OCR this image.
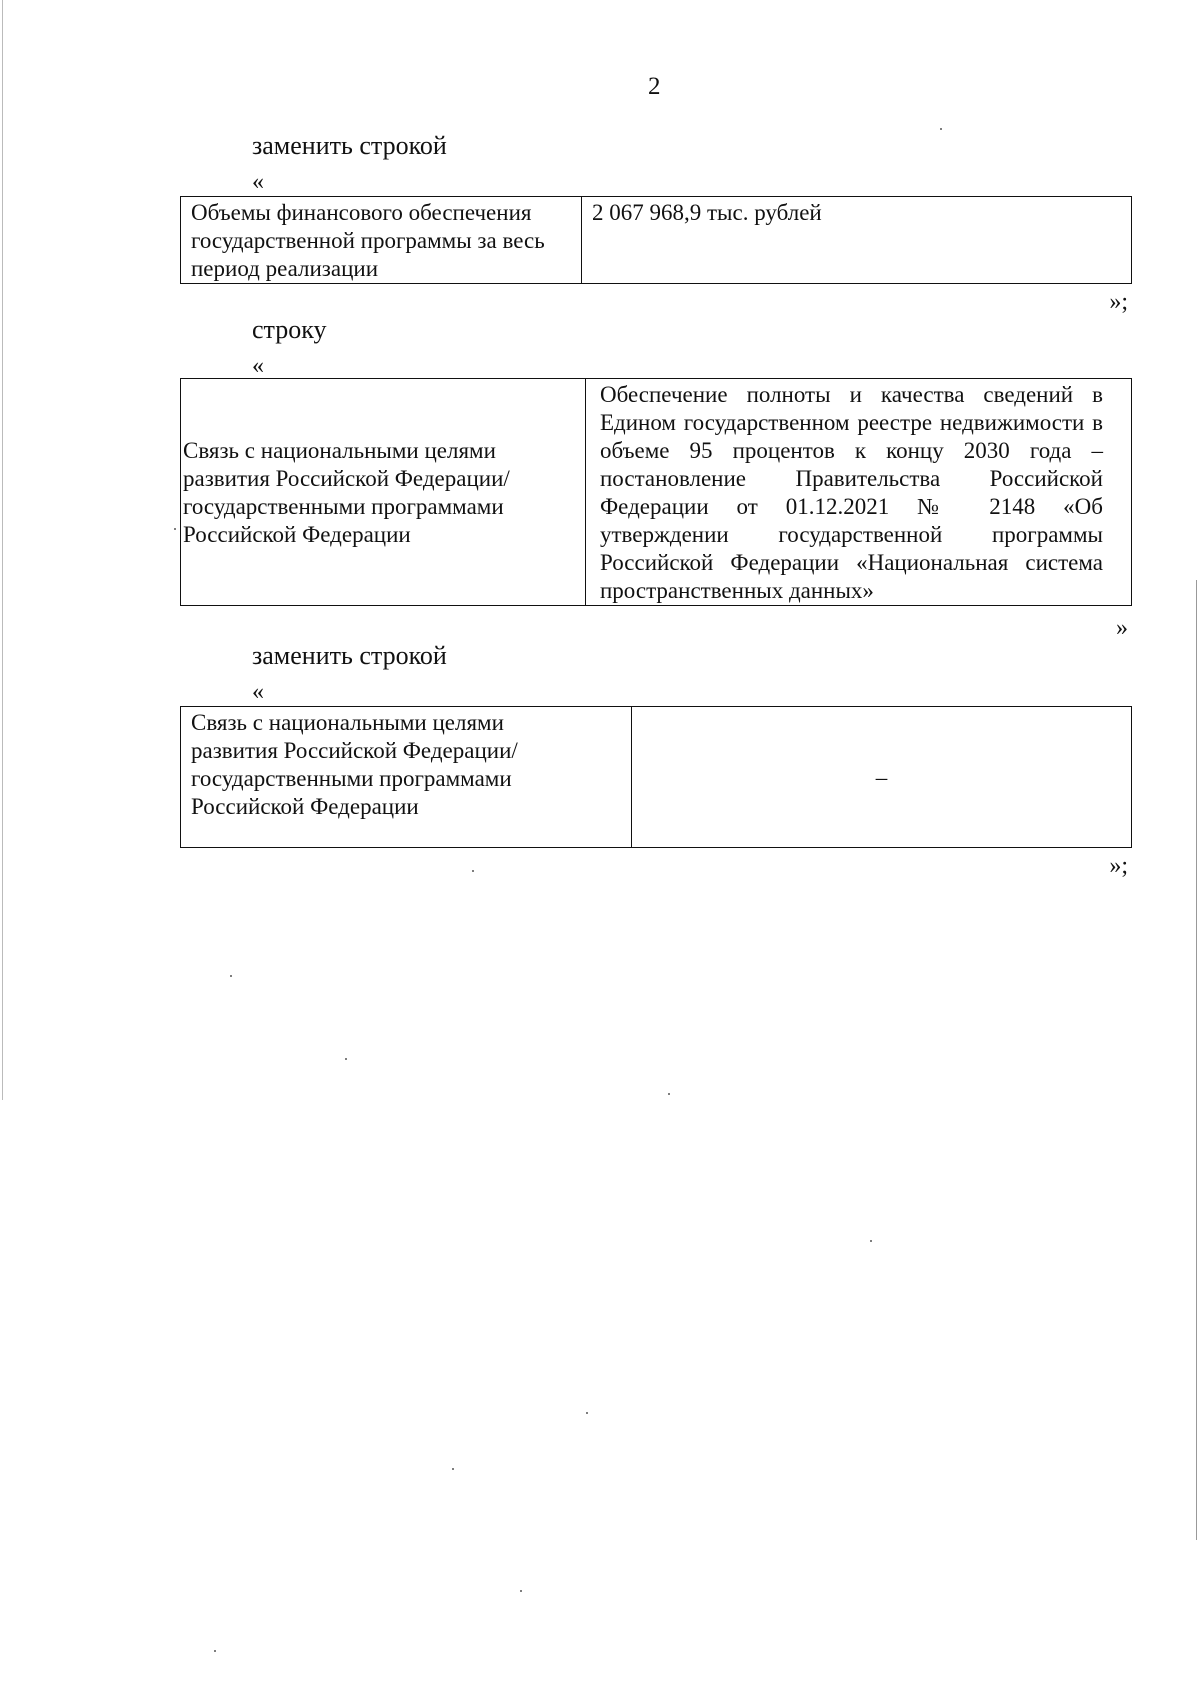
2
заменить строкой
«
Объемы финансового обеспечения государственной программы за весь период реализации	2 067 968,9 тыс. рублей
»;
строку
«
Связь с национальными целями развития Российской Федерации/ государственными программами Российской Федерации	Обеспечение полноты и качества сведений в Едином государственном реестре недвижимости в объеме 95 процентов к концу 2030 года – постановление Правительства Российской Федерации от 01.12.2021 № 2148 «Об утверждении государственной программы Российской Федерации «Национальная система пространственных данных»
»
заменить строкой
«
Связь с национальными целями развития Российской Федерации/государственными программами Российской Федерации	–
»;
